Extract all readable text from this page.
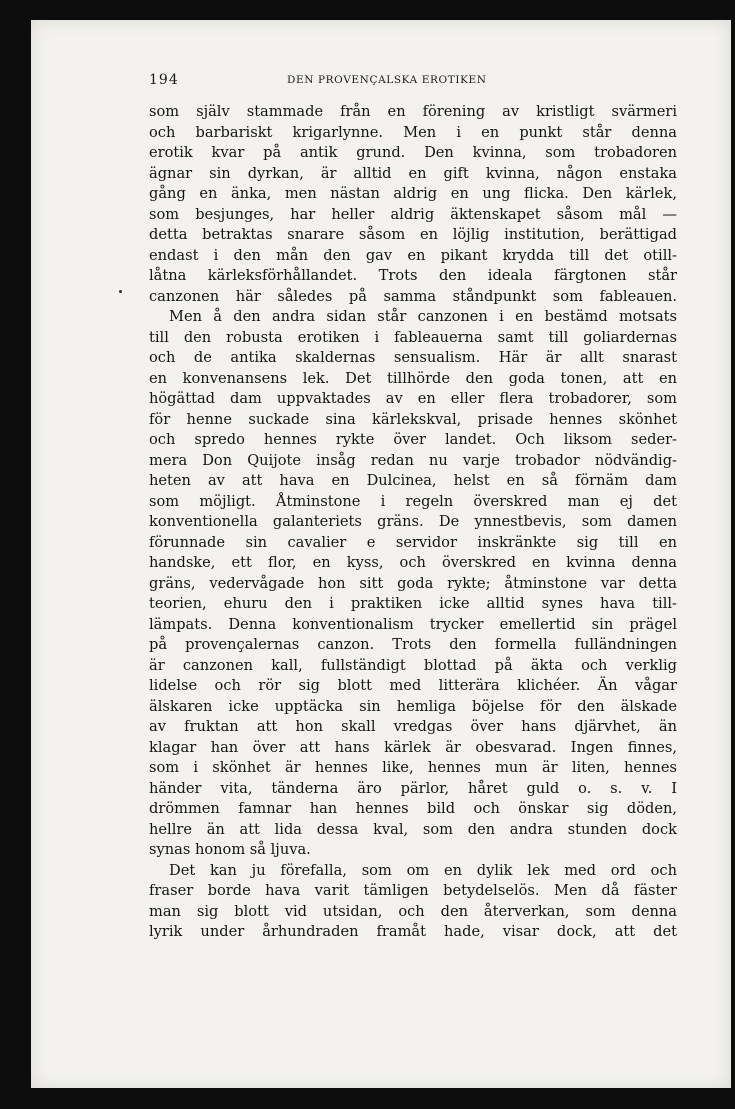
194	DEN PROVENÇALSKA EROTIKEN
som själv stammade från en förening av kristligt svärmeri
och barbariskt krigarlynne. Men i en punkt står denna
erotik kvar på antik grund. Den kvinna, som trobadoren
ägnar sin dyrkan, är alltid en gift kvinna, någon enstaka
gång en änka, men nästan aldrig en ung flicka. Den kärlek,
som besjunges, har heller aldrig äktenskapet såsom mål —
detta betraktas snarare såsom en löjlig institution, berättigad
endast i den mån den gav en pikant krydda till det otill-
låtna kärleksförhållandet. Trots den ideala färgtonen står
canzonen här således på samma ståndpunkt som fableauen.
Men å den andra sidan står canzonen i en bestämd motsats
till den robusta erotiken i fableauerna samt till goliardernas
och de antika skaldernas sensualism. Här är allt snarast
en konvenansens lek. Det tillhörde den goda tonen, att en
högättad dam uppvaktades av en eller flera trobadorer, som
för henne suckade sina kärlekskval, prisade hennes skönhet
och spredo hennes rykte över landet. Och liksom seder-
mera Don Quijote insåg redan nu varje trobador nödvändig-
heten av att hava en Dulcinea, helst en så förnäm dam
som möjligt. Åtminstone i regeln överskred man ej det
konventionella galanteriets gräns. De ynnestbevis, som damen
förunnade sin cavalier e servidor inskränkte sig till en
handske, ett flor, en kyss, och överskred en kvinna denna
gräns, vedervågade hon sitt goda rykte; åtminstone var detta
teorien, ehuru den i praktiken icke alltid synes hava till-
lämpats. Denna konventionalism trycker emellertid sin prägel
på provençalernas canzon. Trots den formella fulländningen
är canzonen kall, fullständigt blottad på äkta och verklig
lidelse och rör sig blott med litterära klichéer. Än vågar
älskaren icke upptäcka sin hemliga böjelse för den älskade
av fruktan att hon skall vredgas över hans djärvhet, än
klagar han över att hans kärlek är obesvarad. Ingen finnes,
som i skönhet är hennes like, hennes mun är liten, hennes
händer vita, tänderna äro pärlor, håret guld o. s. v. I
drömmen famnar han hennes bild och önskar sig döden,
hellre än att lida dessa kval, som den andra stunden dock
synas honom så ljuva.
Det kan ju förefalla, som om en dylik lek med ord och
fraser borde hava varit tämligen betydelselös. Men då fäster
man sig blott vid utsidan, och den återverkan, som denna
lyrik under århundraden framåt hade, visar dock, att det
